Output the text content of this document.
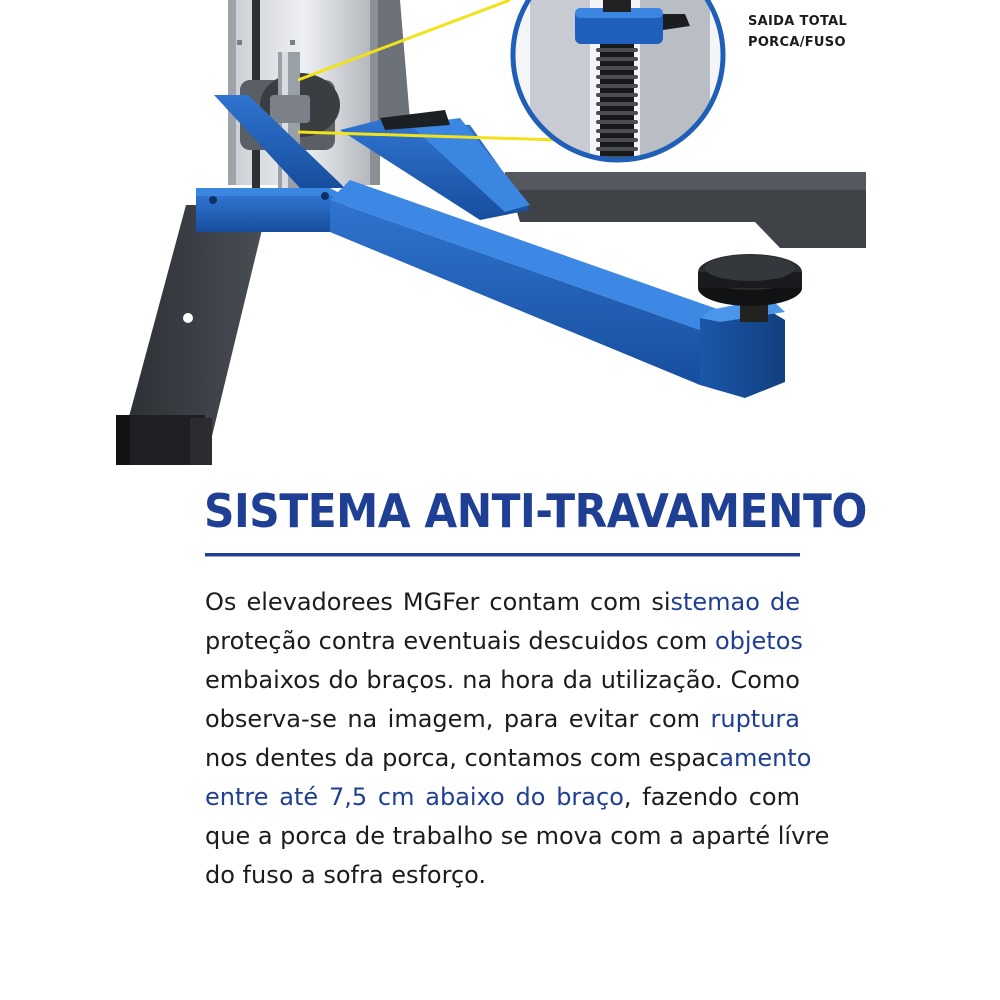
SAIDA TOTAL
PORCA/FUSO
SISTEMA ANTI-TRAVAMENTO

Os elevadorees MGFer contam com sistemao de
proteção contra eventuais descuidos com objetos
embaixos do braços. na hora da utilização. Como
observa-se na imagem, para evitar com ruptura
nos dentes da porca, contamos com espacamento
entre até 7,5 cm abaixo do braço, fazendo com
que a porca de trabalho se mova com a aparté lívre
do fuso a sofra esforço.
